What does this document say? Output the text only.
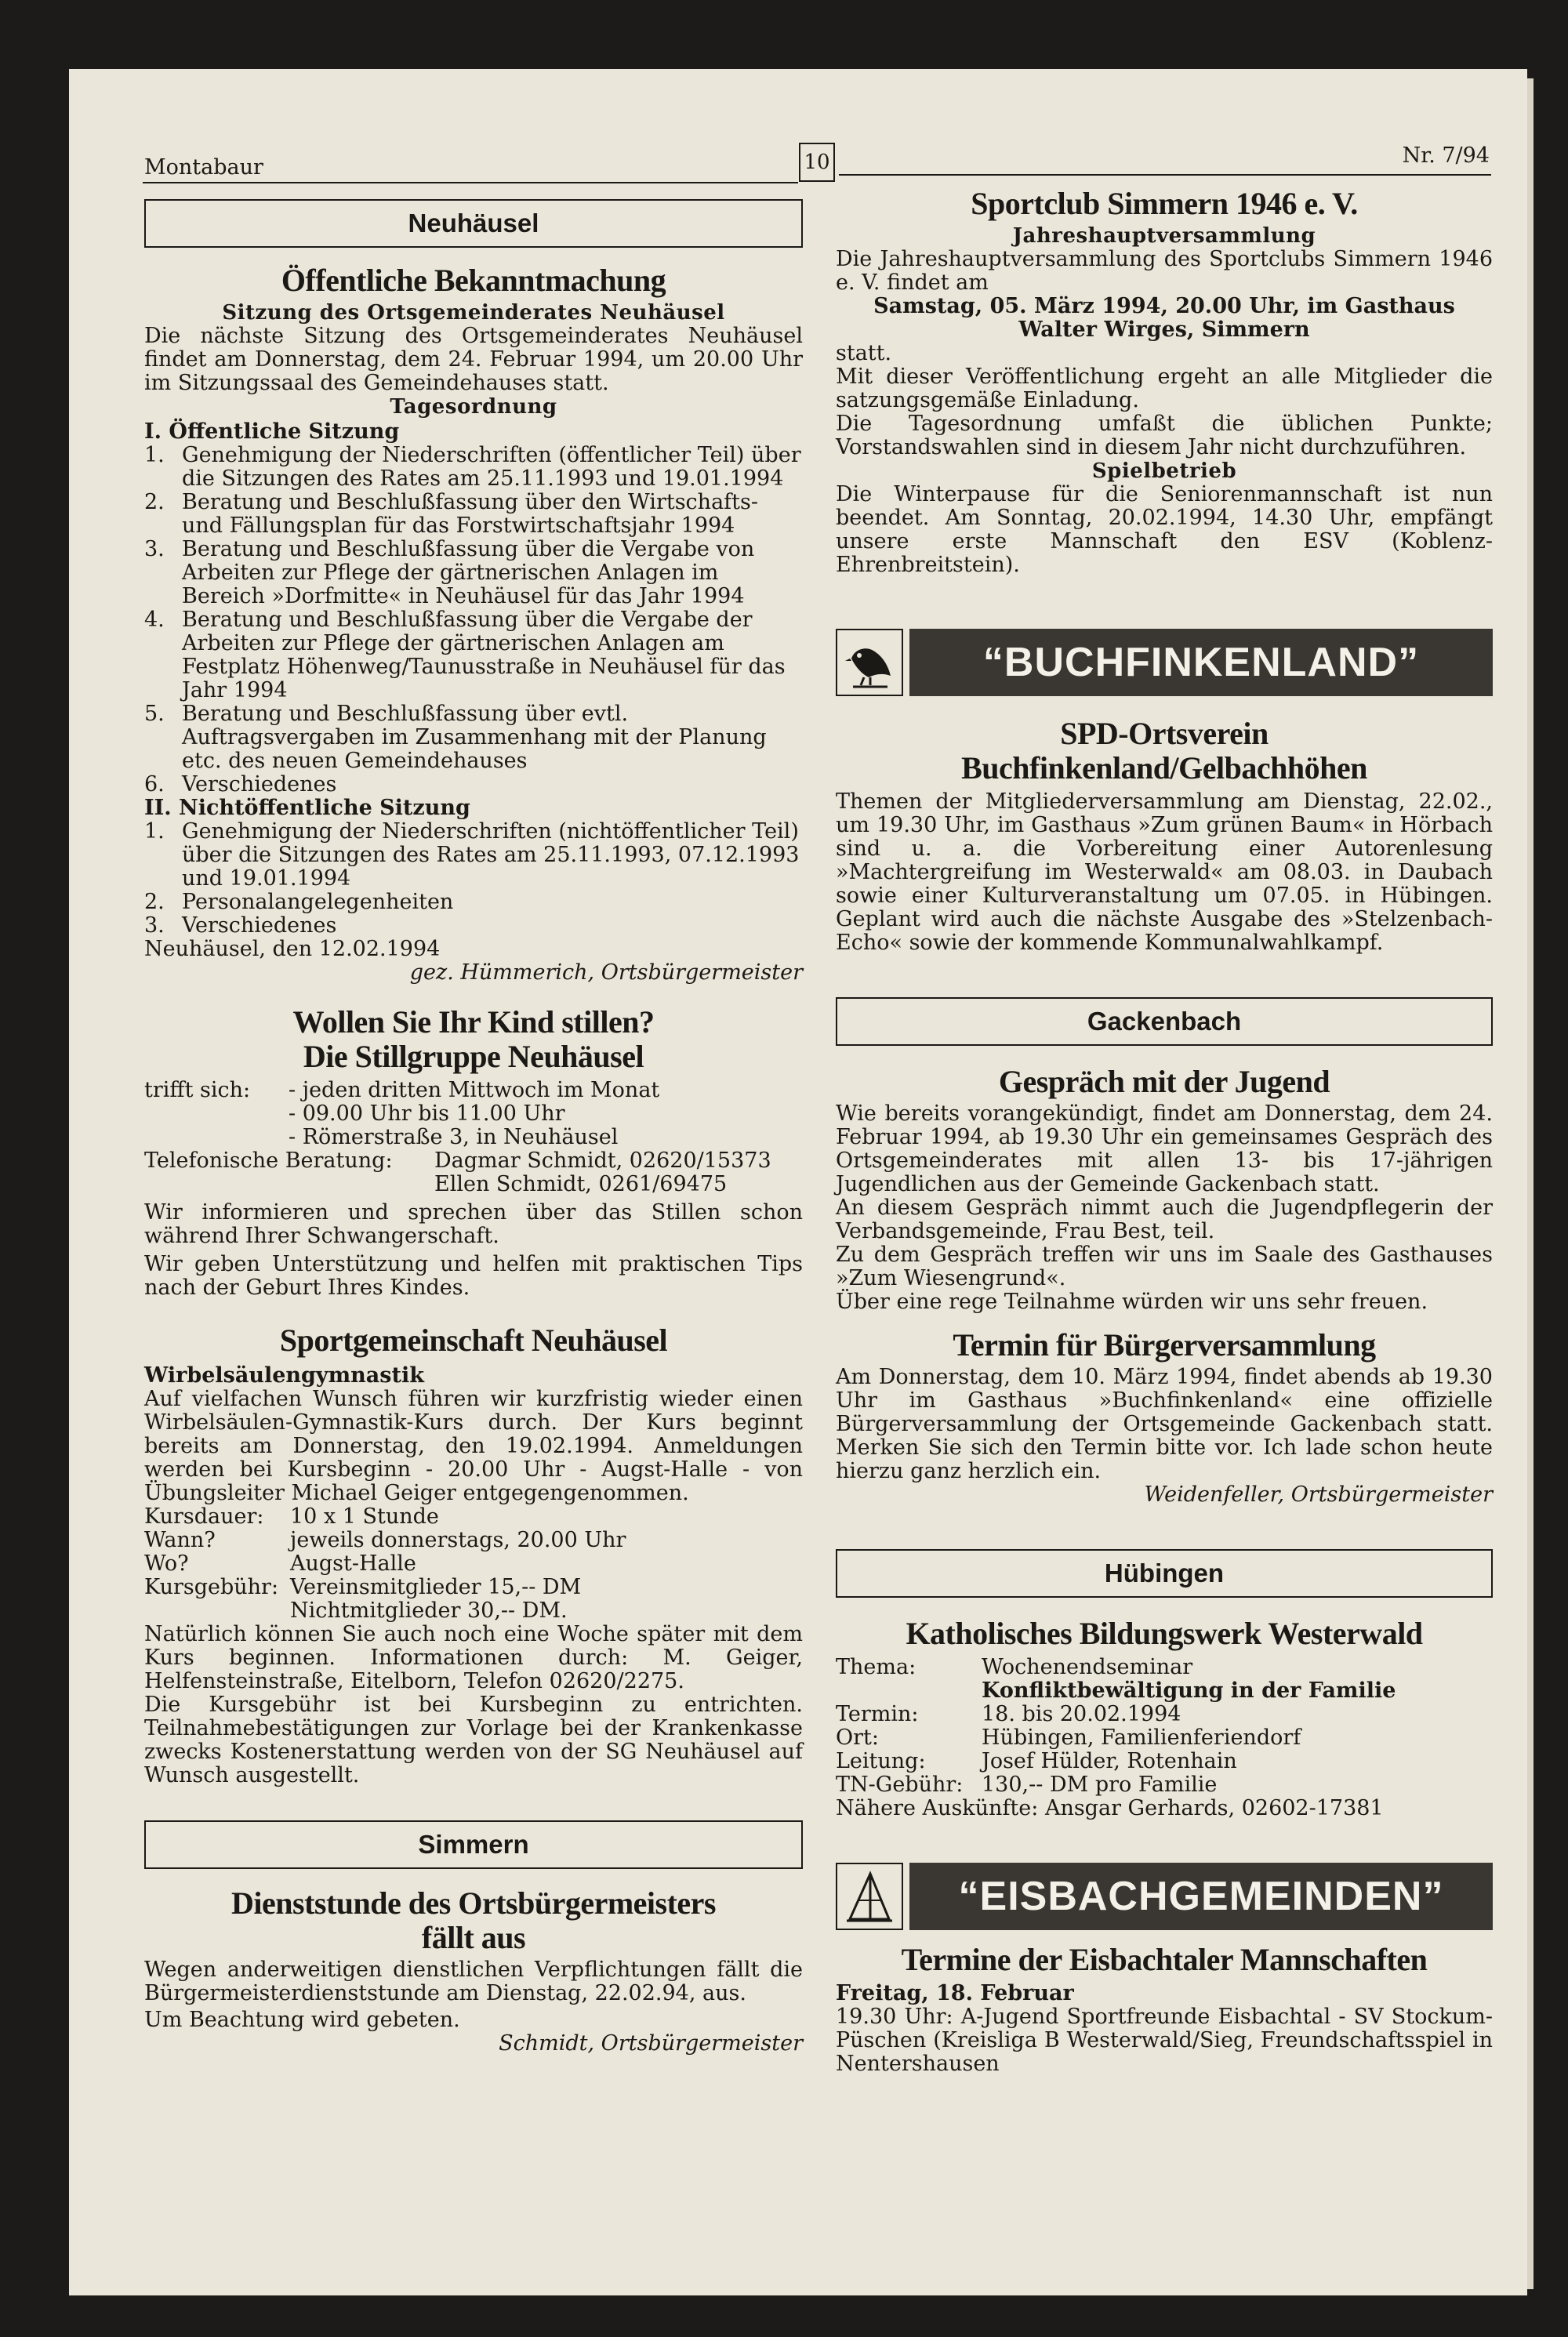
Montabaur	10	Nr. 7/94
Neuhäusel
Öffentliche Bekanntmachung
Sitzung des Ortsgemeinderates Neuhäusel

Die nächste Sitzung des Ortsgemeinderates Neuhäusel findet am Donnerstag, dem 24. Februar 1994, um 20.00 Uhr im Sitzungssaal des Gemeindehauses statt.

Tagesordnung
I. Öffentliche Sitzung
1. Genehmigung der Niederschriften (öffentlicher Teil) über die Sitzungen des Rates am 25.11.1993 und 19.01.1994
2. Beratung und Beschlußfassung über den Wirtschafts- und Fällungsplan für das Forstwirtschaftsjahr 1994
3. Beratung und Beschlußfassung über die Vergabe von Arbeiten zur Pflege der gärtnerischen Anlagen im Bereich »Dorfmitte« in Neuhäusel für das Jahr 1994
4. Beratung und Beschlußfassung über die Vergabe der Arbeiten zur Pflege der gärtnerischen Anlagen am Festplatz Höhenweg/Taunusstraße in Neuhäusel für das Jahr 1994
5. Beratung und Beschlußfassung über evtl. Auftragsvergaben im Zusammenhang mit der Planung etc. des neuen Gemeindehauses
6. Verschiedenes
II. Nichtöffentliche Sitzung
1. Genehmigung der Niederschriften (nichtöffentlicher Teil) über die Sitzungen des Rates am 25.11.1993, 07.12.1993 und 19.01.1994
2. Personalangelegenheiten
3. Verschiedenes
Neuhäusel, den 12.02.1994
gez. Hümmerich, Ortsbürgermeister
Wollen Sie Ihr Kind stillen?
Die Stillgruppe Neuhäusel
trifft sich:	- jeden dritten Mittwoch im Monat
- 09.00 Uhr bis 11.00 Uhr
- Römerstraße 3, in Neuhäusel
Telefonische Beratung:	Dagmar Schmidt, 02620/15373
Ellen Schmidt, 0261/69475

Wir informieren und sprechen über das Stillen schon während Ihrer Schwangerschaft.

Wir geben Unterstützung und helfen mit praktischen Tips nach der Geburt Ihres Kindes.

Sportgemeinschaft Neuhäusel
Wirbelsäulengymnastik

Auf vielfachen Wunsch führen wir kurzfristig wieder einen Wirbelsäulen-Gymnastik-Kurs durch. Der Kurs beginnt bereits am Donnerstag, den 19.02.1994. Anmeldungen werden bei Kursbeginn - 20.00 Uhr - Augst-Halle - von Übungsleiter Michael Geiger entgegengenommen.

Kursdauer:	10 x 1 Stunde
Wann?	jeweils donnerstags, 20.00 Uhr
Wo?	Augst-Halle
Kursgebühr: Vereinsmitglieder 15,-- DM
Nichtmitglieder 30,-- DM.

Natürlich können Sie auch noch eine Woche später mit dem Kurs beginnen. Informationen durch: M. Geiger, Helfensteinstraße, Eitelborn, Telefon 02620/2275.

Die Kursgebühr ist bei Kursbeginn zu entrichten. Teilnahmebestätigungen zur Vorlage bei der Krankenkasse zwecks Kostenerstattung werden von der SG Neuhäusel auf Wunsch ausgestellt.

Simmern
Dienststunde des Ortsbürgermeisters
fällt aus

Wegen anderweitigen dienstlichen Verpflichtungen fällt die Bürgermeisterdienststunde am Dienstag, 22.02.94, aus.

Um Beachtung wird gebeten.

Schmidt, Ortsbürgermeister
Sportclub Simmern 1946 e. V.
Jahreshauptversammlung

Die Jahreshauptversammlung des Sportclubs Simmern 1946 e. V. findet am

Samstag, 05. März 1994, 20.00 Uhr, im Gasthaus Walter Wirges, Simmern

statt.

Mit dieser Veröffentlichung ergeht an alle Mitglieder die satzungsgemäße Einladung.

Die Tagesordnung umfaßt die üblichen Punkte; Vorstandswahlen sind in diesem Jahr nicht durchzuführen.

Spielbetrieb

Die Winterpause für die Seniorenmannschaft ist nun beendet. Am Sonntag, 20.02.1994, 14.30 Uhr, empfängt unsere erste Mannschaft den ESV (Koblenz-Ehrenbreitstein).

“BUCHFINKENLAND”
SPD-Ortsverein
Buchfinkenland/Gelbachhöhen

Themen der Mitgliederversammlung am Dienstag, 22.02., um 19.30 Uhr, im Gasthaus »Zum grünen Baum« in Hörbach sind u. a. die Vorbereitung einer Autorenlesung »Machtergreifung im Westerwald« am 08.03. in Daubach sowie einer Kulturveranstaltung um 07.05. in Hübingen. Geplant wird auch die nächste Ausgabe des »Stelzenbach-Echo« sowie der kommende Kommunalwahlkampf.

Gackenbach
Gespräch mit der Jugend

Wie bereits vorangekündigt, findet am Donnerstag, dem 24. Februar 1994, ab 19.30 Uhr ein gemeinsames Gespräch des Ortsgemeinderates mit allen 13- bis 17-jährigen Jugendlichen aus der Gemeinde Gackenbach statt.

An diesem Gespräch nimmt auch die Jugendpflegerin der Verbandsgemeinde, Frau Best, teil.

Zu dem Gespräch treffen wir uns im Saale des Gasthauses »Zum Wiesengrund«.

Über eine rege Teilnahme würden wir uns sehr freuen.

Termin für Bürgerversammlung

Am Donnerstag, dem 10. März 1994, findet abends ab 19.30 Uhr im Gasthaus »Buchfinkenland« eine offizielle Bürgerversammlung der Ortsgemeinde Gackenbach statt. Merken Sie sich den Termin bitte vor. Ich lade schon heute hierzu ganz herzlich ein.

Weidenfeller, Ortsbürgermeister
Hübingen
Katholisches Bildungswerk Westerwald
Thema:	Wochenendseminar
Konfliktbewältigung in der Familie
Termin:	18. bis 20.02.1994
Ort:	Hübingen, Familienferiendorf
Leitung:	Josef Hülder, Rotenhain
TN-Gebühr: 130,-- DM pro Familie
Nähere Auskünfte: Ansgar Gerhards, 02602-17381
“EISBACHGEMEINDEN”
Termine der Eisbachtaler Mannschaften
Freitag, 18. Februar

19.30 Uhr: A-Jugend Sportfreunde Eisbachtal - SV Stockum-Püschen (Kreisliga B Westerwald/Sieg, Freundschaftsspiel in Nentershausen
